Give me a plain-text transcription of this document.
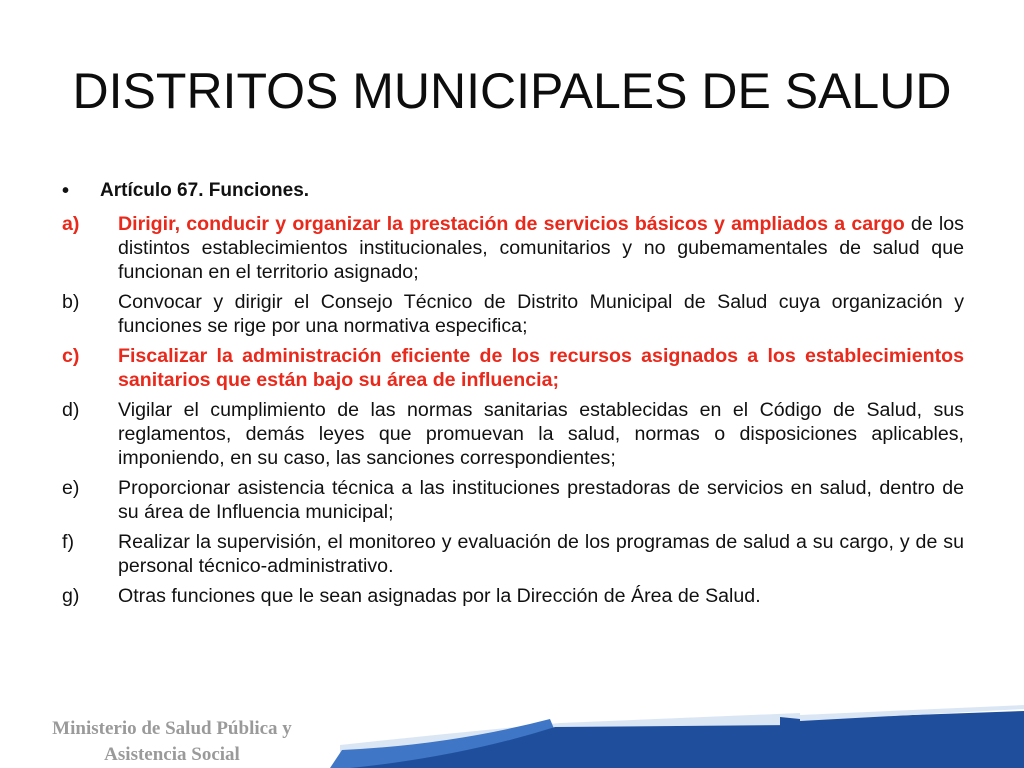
DISTRITOS MUNICIPALES DE SALUD
•	Artículo 67. Funciones.
a)	Dirigir, conducir y organizar la prestación de servicios básicos y ampliados a cargo de los distintos establecimientos institucionales, comunitarios y no gubemamentales de salud que funcionan en el territorio asignado;
b)	Convocar y dirigir el Consejo Técnico de Distrito Municipal de Salud cuya organización y funciones se rige por una normativa especifica;
c)	Fiscalizar la administración eficiente de los recursos asignados a los establecimientos sanitarios que están bajo su área de influencia;
d)	Vigilar el cumplimiento de las normas sanitarias establecidas en el Código de Salud, sus reglamentos, demás leyes que promuevan la salud, normas o disposiciones aplicables, imponiendo, en su caso, las sanciones correspondientes;
e)	Proporcionar asistencia técnica a las instituciones prestadoras de servicios en salud, dentro de su área de Influencia municipal;
f)	Realizar la supervisión, el monitoreo y evaluación de los programas de salud a su cargo, y de su personal técnico-administrativo.
g)	Otras funciones que le sean asignadas por la Dirección de Área de Salud.
Ministerio de Salud Pública y
Asistencia Social
